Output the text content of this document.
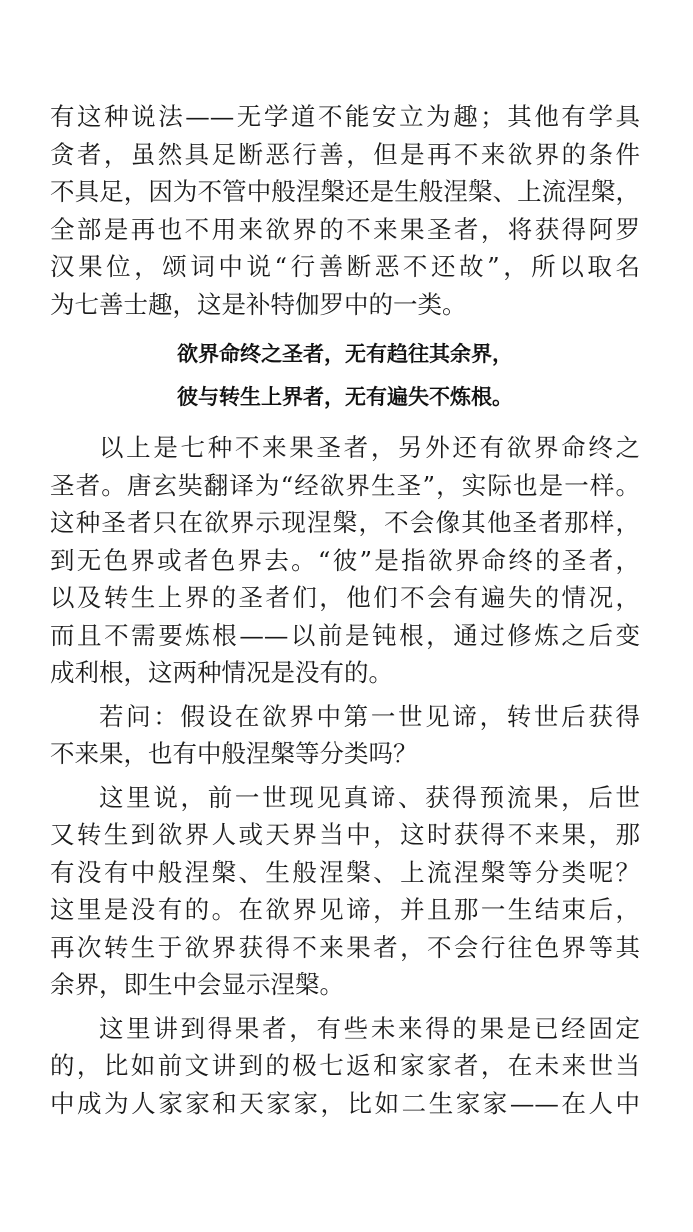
有这种说法——无学道不能安立为趣；其他有学具
贪者，虽然具足断恶行善，但是再不来欲界的条件
不具足，因为不管中般涅槃还是生般涅槃、上流涅槃，
全部是再也不用来欲界的不来果圣者，将获得阿罗
汉果位，颂词中说“行善断恶不还故”，所以取名
为七善士趣，这是补特伽罗中的一类。
欲界命终之圣者，无有趋往其余界，
彼与转生上界者，无有遍失不炼根。
以上是七种不来果圣者，另外还有欲界命终之
圣者。唐玄奘翻译为“经欲界生圣”，实际也是一样。
这种圣者只在欲界示现涅槃，不会像其他圣者那样，
到无色界或者色界去。“彼”是指欲界命终的圣者，
以及转生上界的圣者们，他们不会有遍失的情况，
而且不需要炼根——以前是钝根，通过修炼之后变
成利根，这两种情况是没有的。
若问：假设在欲界中第一世见谛，转世后获得
不来果，也有中般涅槃等分类吗？
这里说，前一世现见真谛、获得预流果，后世
又转生到欲界人或天界当中，这时获得不来果，那
有没有中般涅槃、生般涅槃、上流涅槃等分类呢？
这里是没有的。在欲界见谛，并且那一生结束后，
再次转生于欲界获得不来果者，不会行往色界等其
余界，即生中会显示涅槃。
这里讲到得果者，有些未来得的果是已经固定
的，比如前文讲到的极七返和家家者，在未来世当
中成为人家家和天家家，比如二生家家——在人中
